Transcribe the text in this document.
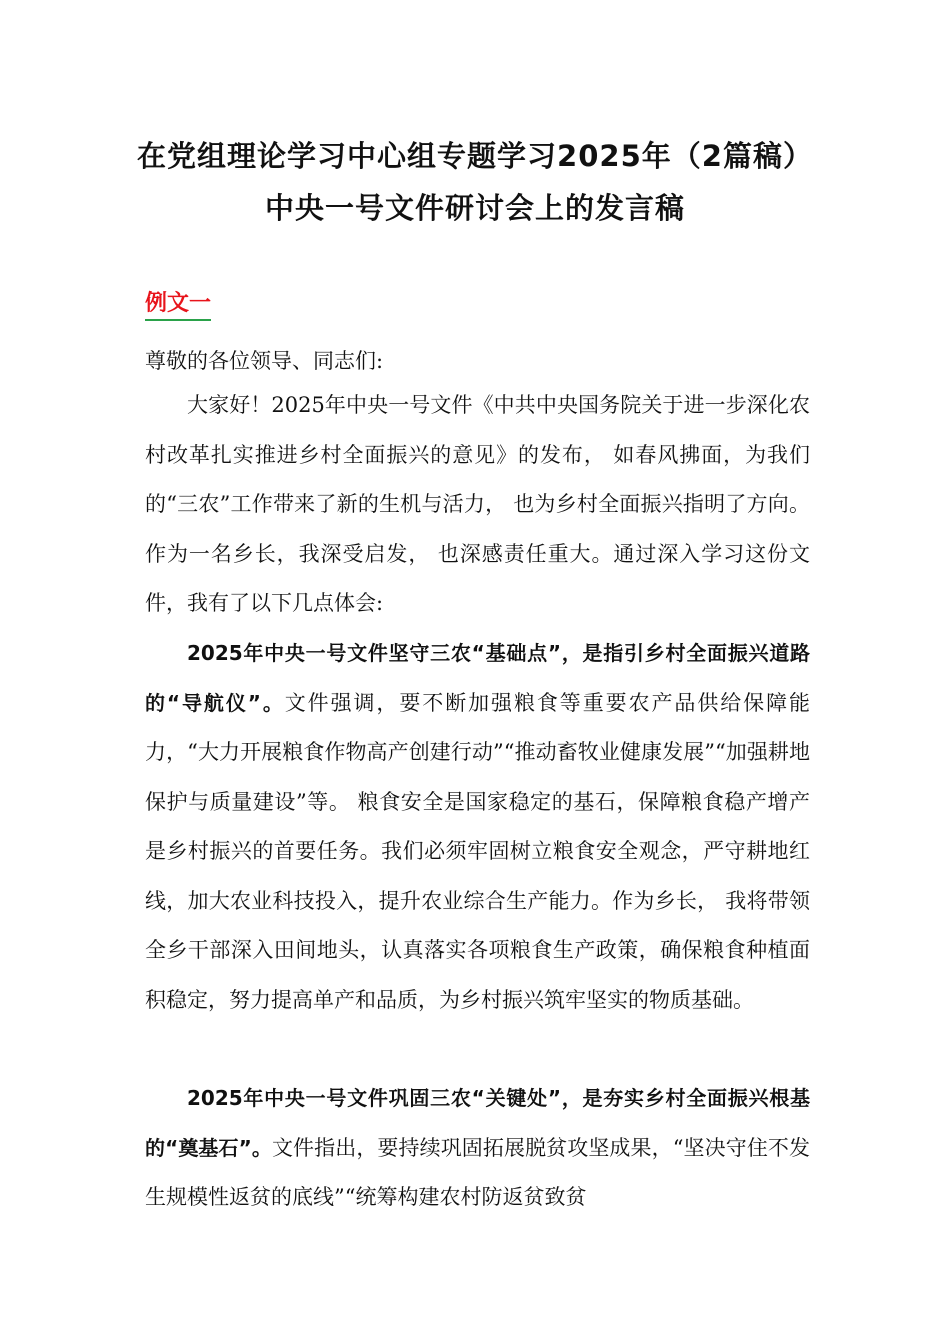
在党组理论学习中心组专题学习2025年（2篇稿）
中央一号文件研讨会上的发言稿
例文一
尊敬的各位领导、同志们:

大家好！2025年中央一号文件《中共中央国务院关于进一步深化农村改革扎实推进乡村全面振兴的意见》的发布， 如春风拂面，为我们的“三农”工作带来了新的生机与活力， 也为乡村全面振兴指明了方向。作为一名乡长，我深受启发， 也深感责任重大。通过深入学习这份文件，我有了以下几点体会:

2025年中央一号文件坚守三农“基础点”，是指引乡村全面振兴道路的“导航仪”。文件强调，要不断加强粮食等重要农产品供给保障能力，“大力开展粮食作物高产创建行动”“推动畜牧业健康发展”“加强耕地保护与质量建设”等。 粮食安全是国家稳定的基石，保障粮食稳产增产是乡村振兴的首要任务。我们必须牢固树立粮食安全观念，严守耕地红线，加大农业科技投入，提升农业综合生产能力。作为乡长， 我将带领全乡干部深入田间地头，认真落实各项粮食生产政策，确保粮食种植面积稳定，努力提高单产和品质，为乡村振兴筑牢坚实的物质基础。

2025年中央一号文件巩固三农“关键处”，是夯实乡村全面振兴根基的“奠基石”。文件指出，要持续巩固拓展脱贫攻坚成果，“坚决守住不发生规模性返贫的底线”“统筹构建农村防返贫致贫
